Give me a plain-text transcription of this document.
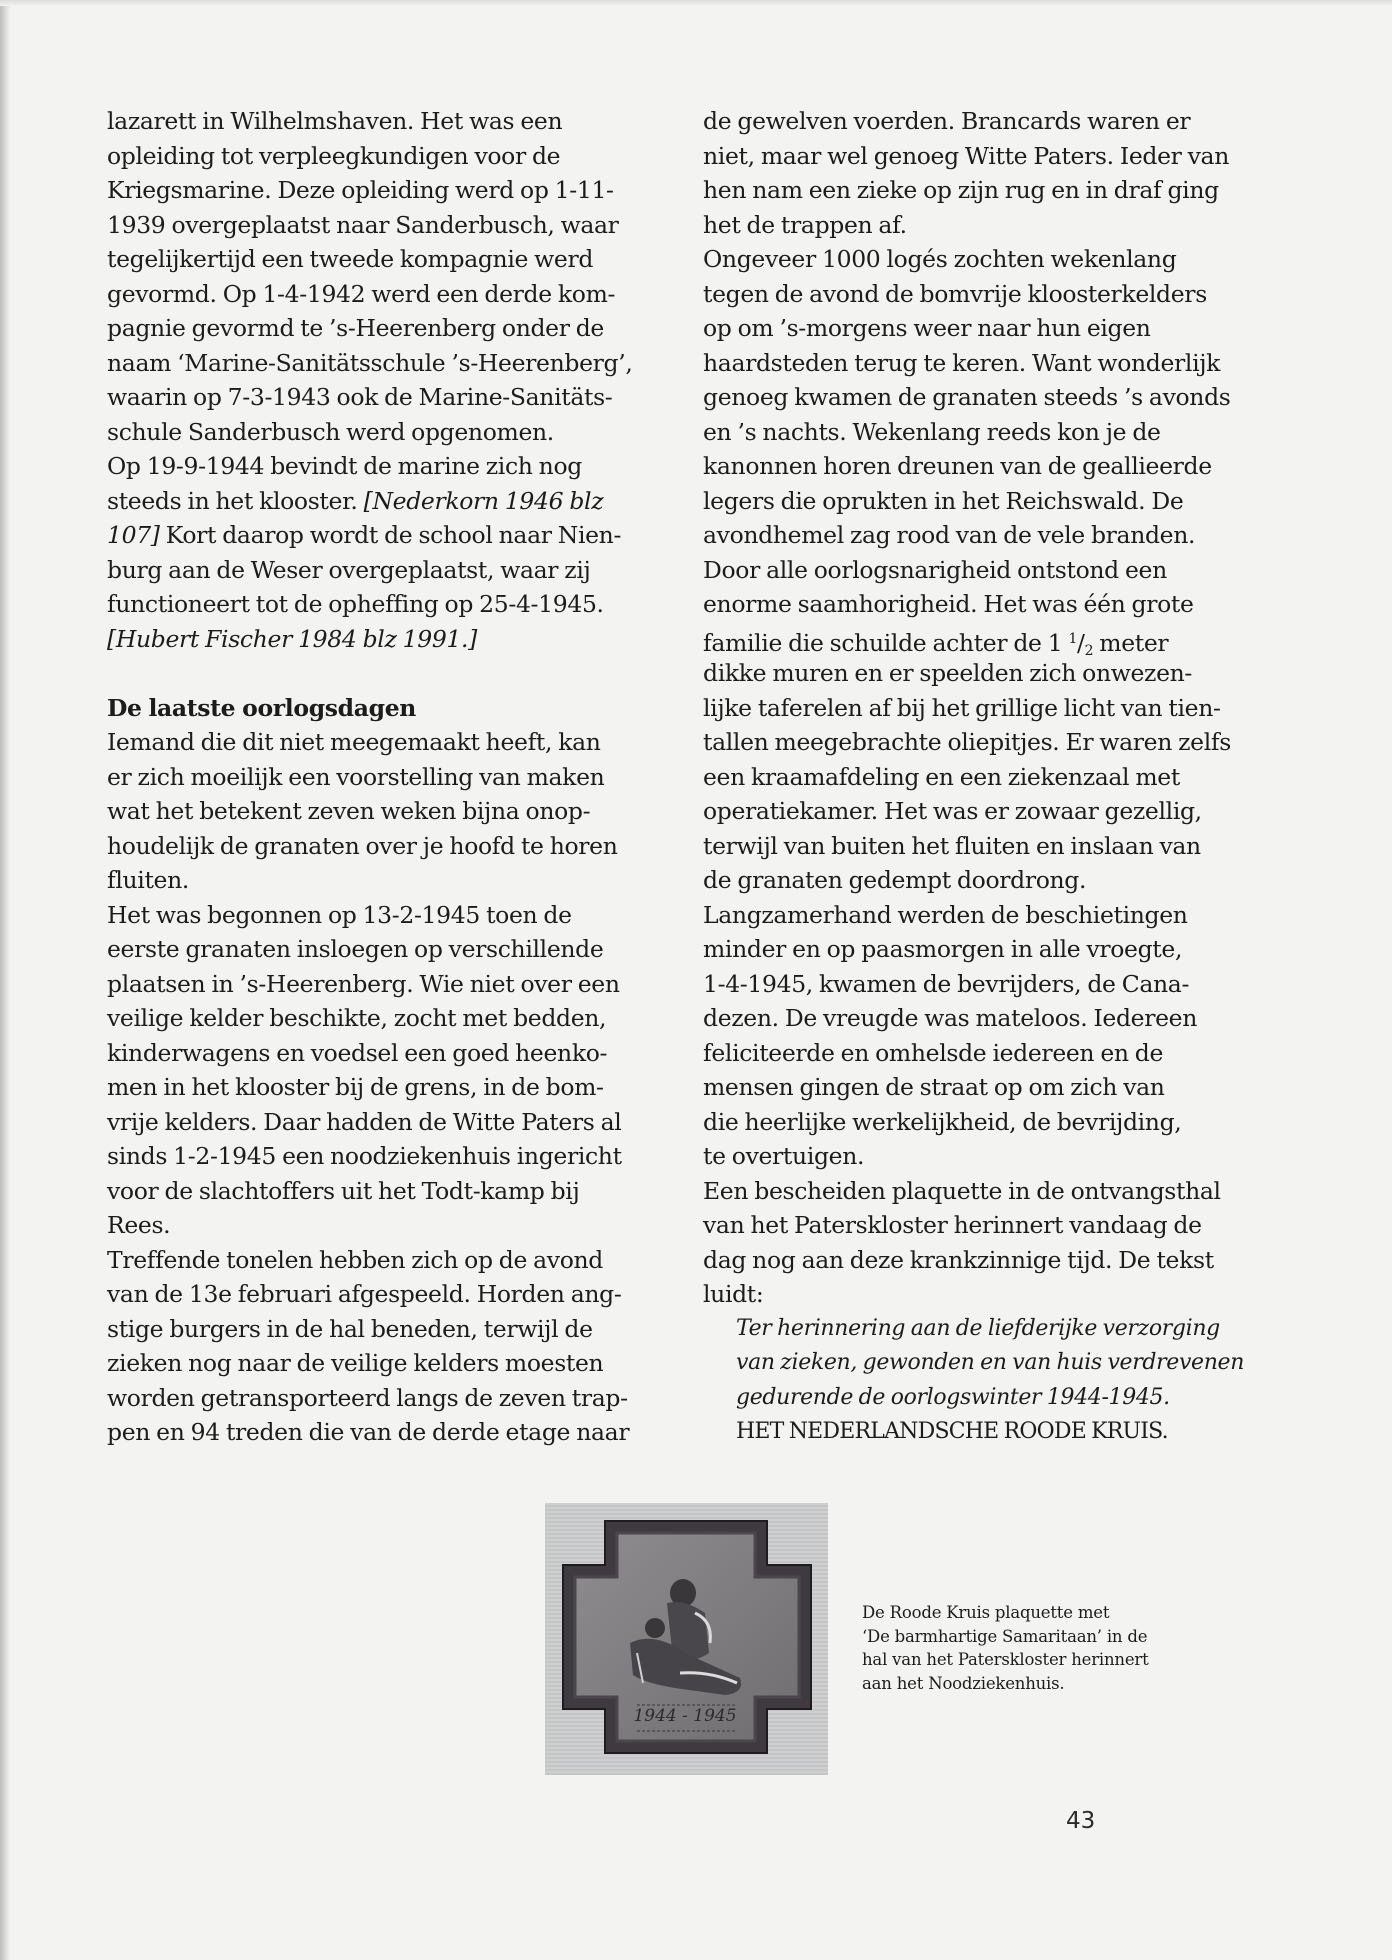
lazarett in Wilhelmshaven. Het was een
opleiding tot verpleegkundigen voor de
Kriegsmarine. Deze opleiding werd op 1-11-
1939 overgeplaatst naar Sanderbusch, waar
tegelijkertijd een tweede kompagnie werd
gevormd. Op 1-4-1942 werd een derde kom-
pagnie gevormd te ’s-Heerenberg onder de
naam ‘Marine-Sanitätsschule ’s-Heerenberg’,
waarin op 7-3-1943 ook de Marine-Sanitäts-
schule Sanderbusch werd opgenomen.
Op 19-9-1944 bevindt de marine zich nog
steeds in het klooster. [Nederkorn 1946 blz
107] Kort daarop wordt de school naar Nien-
burg aan de Weser overgeplaatst, waar zij
functioneert tot de opheffing op 25-4-1945.
[Hubert Fischer 1984 blz 1991.]
De laatste oorlogsdagen
Iemand die dit niet meegemaakt heeft, kan
er zich moeilijk een voorstelling van maken
wat het betekent zeven weken bijna onop-
houdelijk de granaten over je hoofd te horen
fluiten.
Het was begonnen op 13-2-1945 toen de
eerste granaten insloegen op verschillende
plaatsen in ’s-Heerenberg. Wie niet over een
veilige kelder beschikte, zocht met bedden,
kinderwagens en voedsel een goed heenko-
men in het klooster bij de grens, in de bom-
vrije kelders. Daar hadden de Witte Paters al
sinds 1-2-1945 een noodziekenhuis ingericht
voor de slachtoffers uit het Todt-kamp bij
Rees.
Treffende tonelen hebben zich op de avond
van de 13e februari afgespeeld. Horden ang-
stige burgers in de hal beneden, terwijl de
zieken nog naar de veilige kelders moesten
worden getransporteerd langs de zeven trap-
pen en 94 treden die van de derde etage naar
de gewelven voerden. Brancards waren er
niet, maar wel genoeg Witte Paters. Ieder van
hen nam een zieke op zijn rug en in draf ging
het de trappen af.
Ongeveer 1000 logés zochten wekenlang
tegen de avond de bomvrije kloosterkelders
op om ’s-morgens weer naar hun eigen
haardsteden terug te keren. Want wonderlijk
genoeg kwamen de granaten steeds ’s avonds
en ’s nachts. Wekenlang reeds kon je de
kanonnen horen dreunen van de geallieerde
legers die oprukten in het Reichswald. De
avondhemel zag rood van de vele branden.
Door alle oorlogsnarigheid ontstond een
enorme saamhorigheid. Het was één grote
familie die schuilde achter de 1 $^1$/2 meter
dikke muren en er speelden zich onwezen-
lijke taferelen af bij het grillige licht van tien-
tallen meegebrachte oliepitjes. Er waren zelfs
een kraamafdeling en een ziekenzaal met
operatiekamer. Het was er zowaar gezellig,
terwijl van buiten het fluiten en inslaan van
de granaten gedempt doordrong.
Langzamerhand werden de beschietingen
minder en op paasmorgen in alle vroegte,
1-4-1945, kwamen de bevrijders, de Cana-
dezen. De vreugde was mateloos. Iedereen
feliciteerde en omhelsde iedereen en de
mensen gingen de straat op om zich van
die heerlijke werkelijkheid, de bevrijding,
te overtuigen.
Een bescheiden plaquette in de ontvangsthal
van het Paterskloster herinnert vandaag de
dag nog aan deze krankzinnige tijd. De tekst
luidt:
Ter herinnering aan de liefderijke verzorging
van zieken, gewonden en van huis verdrevenen
gedurende de oorlogswinter 1944-1945.
HET NEDERLANDSCHE ROODE KRUIS.
1944 - 1945
De Roode Kruis plaquette met
‘De barmhartige Samaritaan’ in de
hal van het Paterskloster herinnert
aan het Noodziekenhuis.
43
